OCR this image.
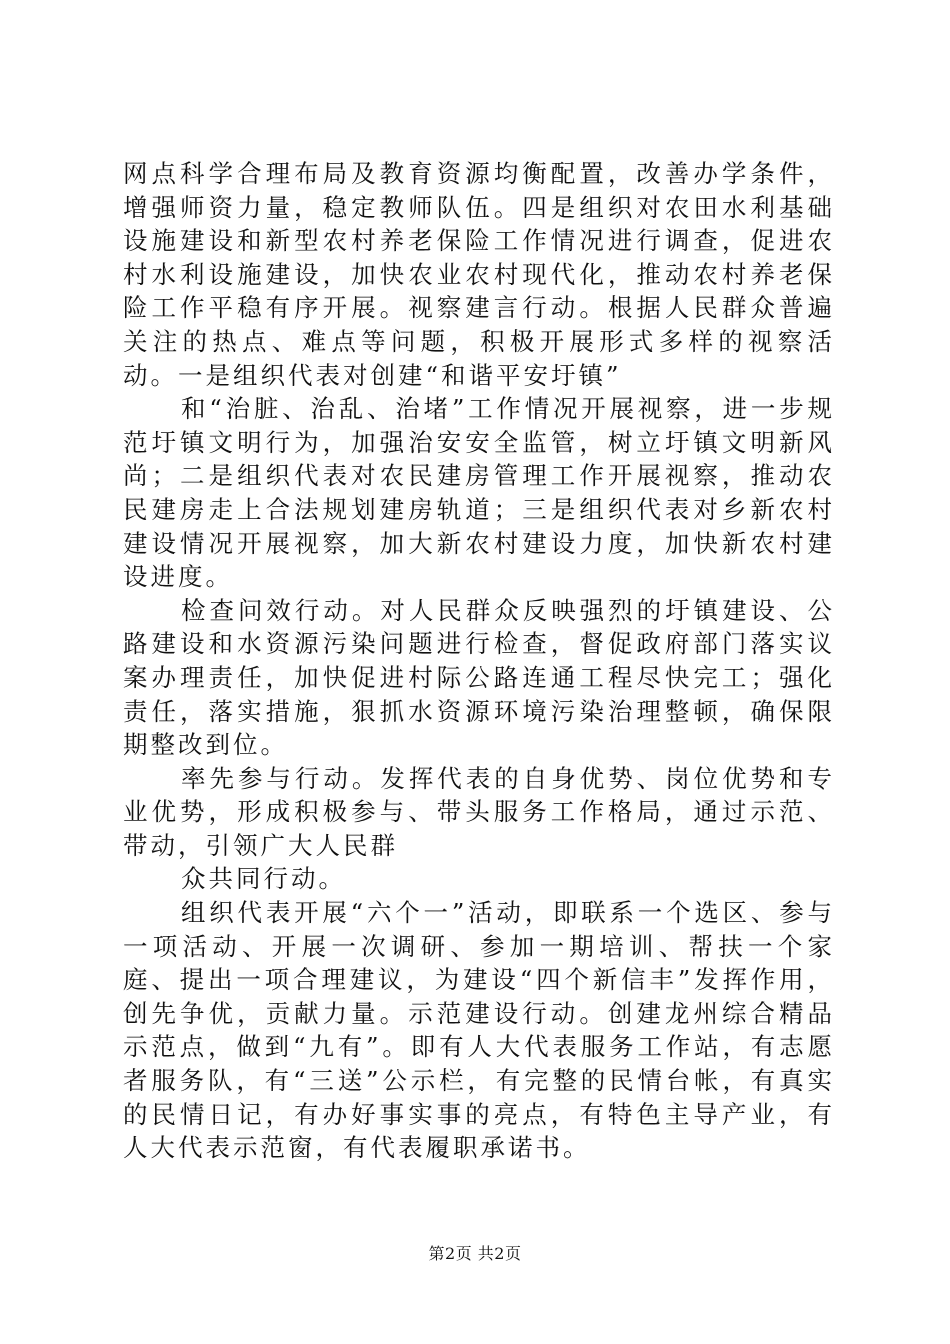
网点科学合理布局及教育资源均衡配置，改善办学条件，增强师资力量，稳定教师队伍。四是组织对农田水利基础设施建设和新型农村养老保险工作情况进行调查，促进农村水利设施建设，加快农业农村现代化，推动农村养老保险工作平稳有序开展。视察建言行动。根据人民群众普遍关注的热点、难点等问题，积极开展形式多样的视察活动。一是组织代表对创建“和谐平安圩镇”

和“治脏、治乱、治堵”工作情况开展视察，进一步规范圩镇文明行为，加强治安安全监管，树立圩镇文明新风尚；二是组织代表对农民建房管理工作开展视察，推动农民建房走上合法规划建房轨道；三是组织代表对乡新农村建设情况开展视察，加大新农村建设力度，加快新农村建设进度。

检查问效行动。对人民群众反映强烈的圩镇建设、公路建设和水资源污染问题进行检查，督促政府部门落实议案办理责任，加快促进村际公路连通工程尽快完工；强化责任，落实措施，狠抓水资源环境污染治理整顿，确保限期整改到位。

率先参与行动。发挥代表的自身优势、岗位优势和专业优势，形成积极参与、带头服务工作格局，通过示范、带动，引领广大人民群

众共同行动。

组织代表开展“六个一”活动，即联系一个选区、参与一项活动、开展一次调研、参加一期培训、帮扶一个家庭、提出一项合理建议，为建设“四个新信丰”发挥作用，创先争优，贡献力量。示范建设行动。创建龙州综合精品示范点，做到“九有”。即有人大代表服务工作站，有志愿者服务队，有“三送”公示栏，有完整的民情台帐，有真实的民情日记，有办好事实事的亮点，有特色主导产业，有人大代表示范窗，有代表履职承诺书。

第2页 共2页
